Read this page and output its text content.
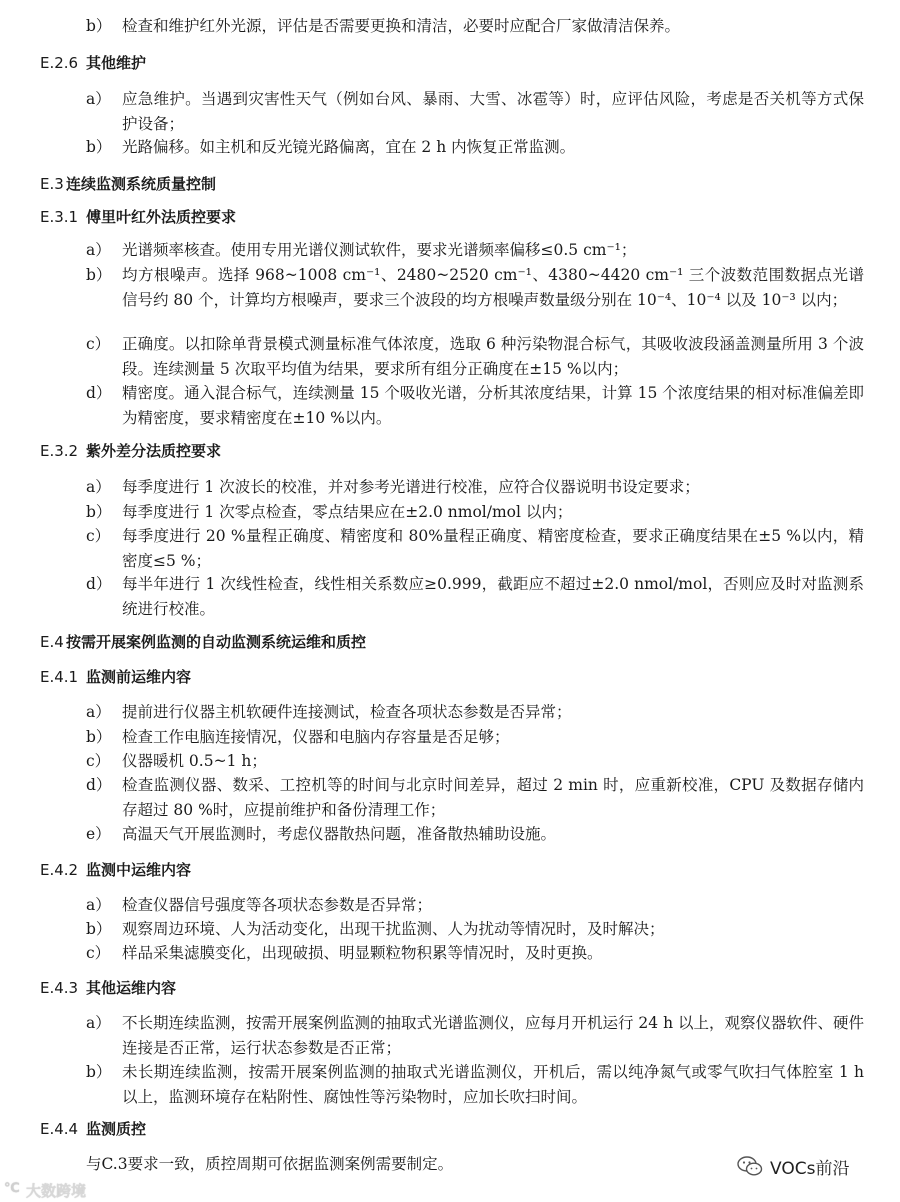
b） 检查和维护红外光源，评估是否需要更换和清洁，必要时应配合厂家做清洁保养。
E.2.6 其他维护
a） 应急维护。当遇到灾害性天气（例如台风、暴雨、大雪、冰雹等）时，应评估风险，考虑是否关机等方式保护设备；
b） 光路偏移。如主机和反光镜光路偏离，宜在 2 h 内恢复正常监测。
E.3 连续监测系统质量控制
E.3.1 傅里叶红外法质控要求
a） 光谱频率核查。使用专用光谱仪测试软件，要求光谱频率偏移≤0.5 cm⁻¹；
b） 均方根噪声。选择 968~1008 cm⁻¹、2480~2520 cm⁻¹、4380~4420 cm⁻¹ 三个波数范围数据点光谱信号约 80 个，计算均方根噪声，要求三个波段的均方根噪声数量级分别在 10⁻⁴、10⁻⁴ 以及 10⁻³ 以内；
c） 正确度。以扣除单背景模式测量标准气体浓度，选取 6 种污染物混合标气，其吸收波段涵盖测量所用 3 个波段。连续测量 5 次取平均值为结果，要求所有组分正确度在±15 %以内；
d） 精密度。通入混合标气，连续测量 15 个吸收光谱，分析其浓度结果，计算 15 个浓度结果的相对标准偏差即为精密度，要求精密度在±10 %以内。
E.3.2 紫外差分法质控要求
a） 每季度进行 1 次波长的校准，并对参考光谱进行校准，应符合仪器说明书设定要求；
b） 每季度进行 1 次零点检查，零点结果应在±2.0 nmol/mol 以内；
c） 每季度进行 20 %量程正确度、精密度和 80%量程正确度、精密度检查，要求正确度结果在±5 %以内，精密度≤5 %；
d） 每半年进行 1 次线性检查，线性相关系数应≥0.999，截距应不超过±2.0 nmol/mol，否则应及时对监测系统进行校准。
E.4 按需开展案例监测的自动监测系统运维和质控
E.4.1 监测前运维内容
a） 提前进行仪器主机软硬件连接测试，检查各项状态参数是否异常；
b） 检查工作电脑连接情况，仪器和电脑内存容量是否足够；
c） 仪器暖机 0.5~1 h；
d） 检查监测仪器、数采、工控机等的时间与北京时间差异，超过 2 min 时，应重新校准，CPU 及数据存储内存超过 80 %时，应提前维护和备份清理工作；
e） 高温天气开展监测时，考虑仪器散热问题，准备散热辅助设施。
E.4.2 监测中运维内容
a） 检查仪器信号强度等各项状态参数是否异常；
b） 观察周边环境、人为活动变化，出现干扰监测、人为扰动等情况时，及时解决；
c） 样品采集滤膜变化，出现破损、明显颗粒物积累等情况时，及时更换。
E.4.3 其他运维内容
a） 不长期连续监测，按需开展案例监测的抽取式光谱监测仪，应每月开机运行 24 h 以上，观察仪器软件、硬件连接是否正常，运行状态参数是否正常；
b） 未长期连续监测，按需开展案例监测的抽取式光谱监测仪，开机后，需以纯净氮气或零气吹扫气体腔室 1 h 以上，监测环境存在粘附性、腐蚀性等污染物时，应加长吹扫时间。
E.4.4 监测质控
与C.3要求一致，质控周期可依据监测案例需要制定。
℃ 大数跨境
VOCs前沿
